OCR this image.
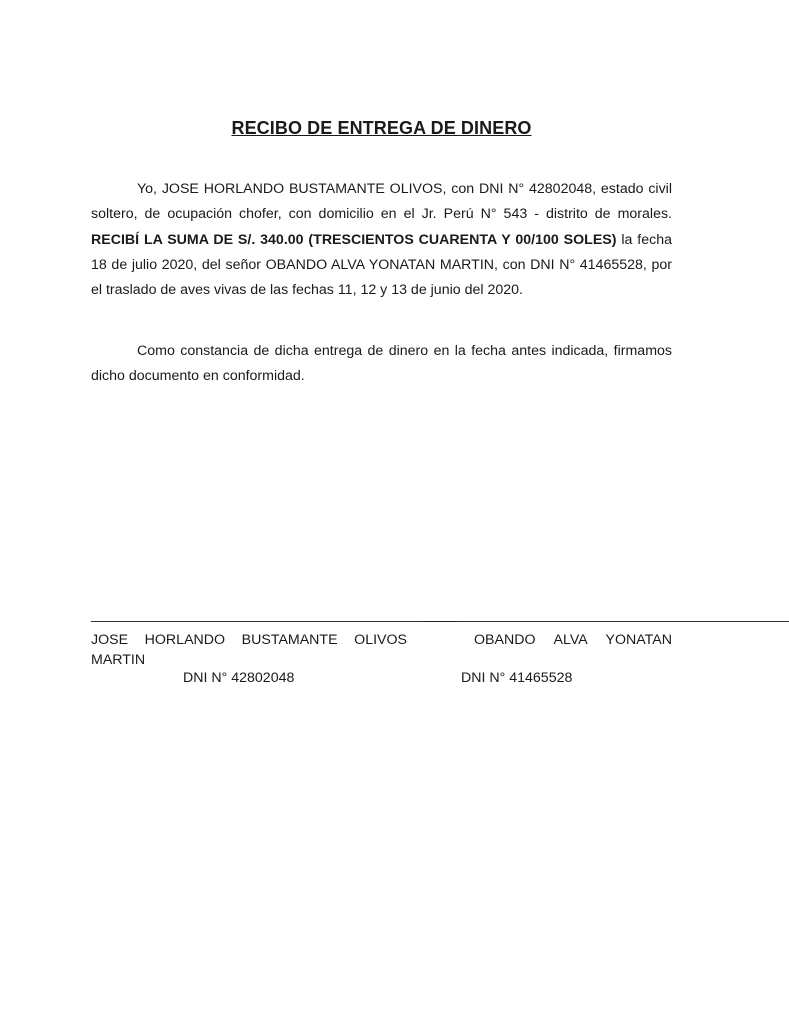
RECIBO DE ENTREGA DE DINERO

Yo, JOSE HORLANDO BUSTAMANTE OLIVOS, con DNI N° 42802048, estado civil soltero, de ocupación chofer, con domicilio en el Jr. Perú N° 543 - distrito de morales. RECIBÍ LA SUMA DE S/. 340.00 (TRESCIENTOS CUARENTA Y 00/100 SOLES) la fecha 18 de julio 2020, del señor OBANDO ALVA YONATAN MARTIN, con DNI N° 41465528, por el traslado de aves vivas de las fechas 11, 12 y 13 de junio del 2020.

Como constancia de dicha entrega de dinero en la fecha antes indicada, firmamos dicho documento en conformidad.

_______________________________________________
_______________________________________________
JOSE HORLANDO BUSTAMANTE OLIVOS	OBANDO ALVA YONATAN
MARTIN
DNI N° 42802048	DNI N° 41465528
